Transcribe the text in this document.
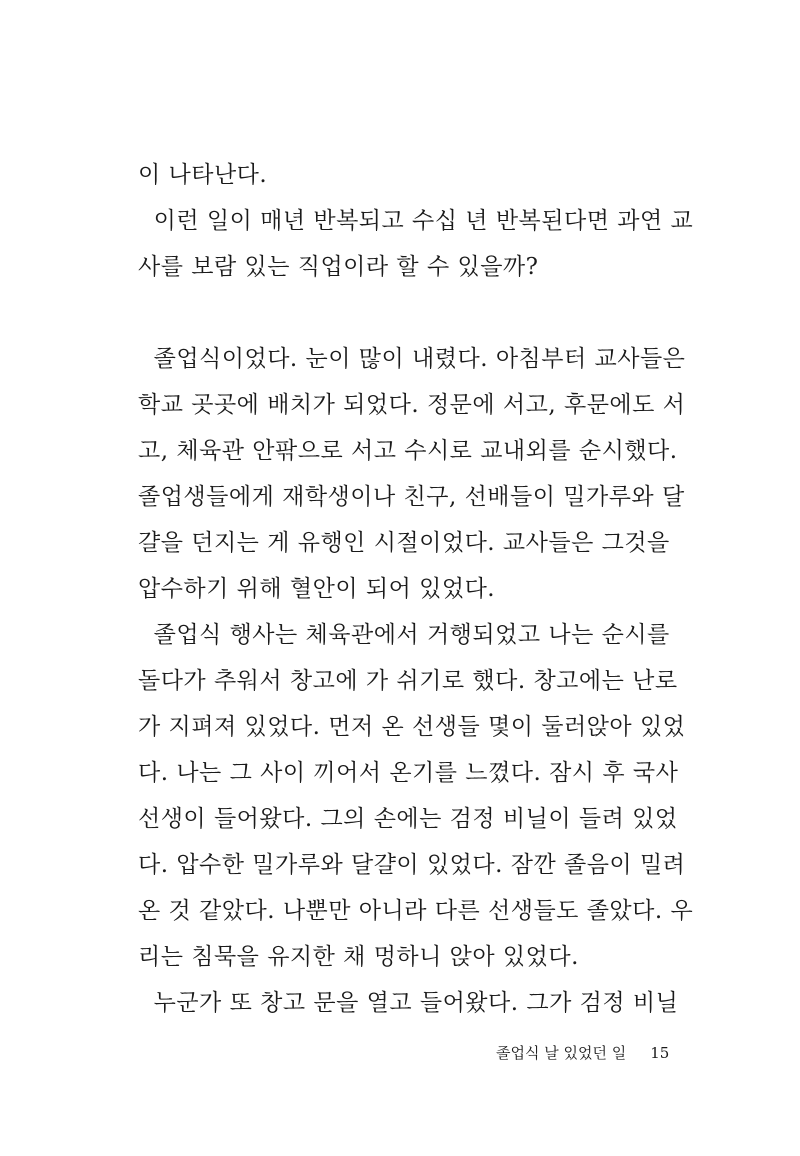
이 나타난다.
이런 일이 매년 반복되고 수십 년 반복된다면 과연 교
사를 보람 있는 직업이라 할 수 있을까?
졸업식이었다. 눈이 많이 내렸다. 아침부터 교사들은
학교 곳곳에 배치가 되었다. 정문에 서고, 후문에도 서
고, 체육관 안팎으로 서고 수시로 교내외를 순시했다.
졸업생들에게 재학생이나 친구, 선배들이 밀가루와 달
걀을 던지는 게 유행인 시절이었다. 교사들은 그것을
압수하기 위해 혈안이 되어 있었다.
졸업식 행사는 체육관에서 거행되었고 나는 순시를
돌다가 추워서 창고에 가 쉬기로 했다. 창고에는 난로
가 지펴져 있었다. 먼저 온 선생들 몇이 둘러앉아 있었
다. 나는 그 사이 끼어서 온기를 느꼈다. 잠시 후 국사
선생이 들어왔다. 그의 손에는 검정 비닐이 들려 있었
다. 압수한 밀가루와 달걀이 있었다. 잠깐 졸음이 밀려
온 것 같았다. 나뿐만 아니라 다른 선생들도 졸았다. 우
리는 침묵을 유지한 채 멍하니 앉아 있었다.
누군가 또 창고 문을 열고 들어왔다. 그가 검정 비닐
졸업식 날 있었던 일 15
